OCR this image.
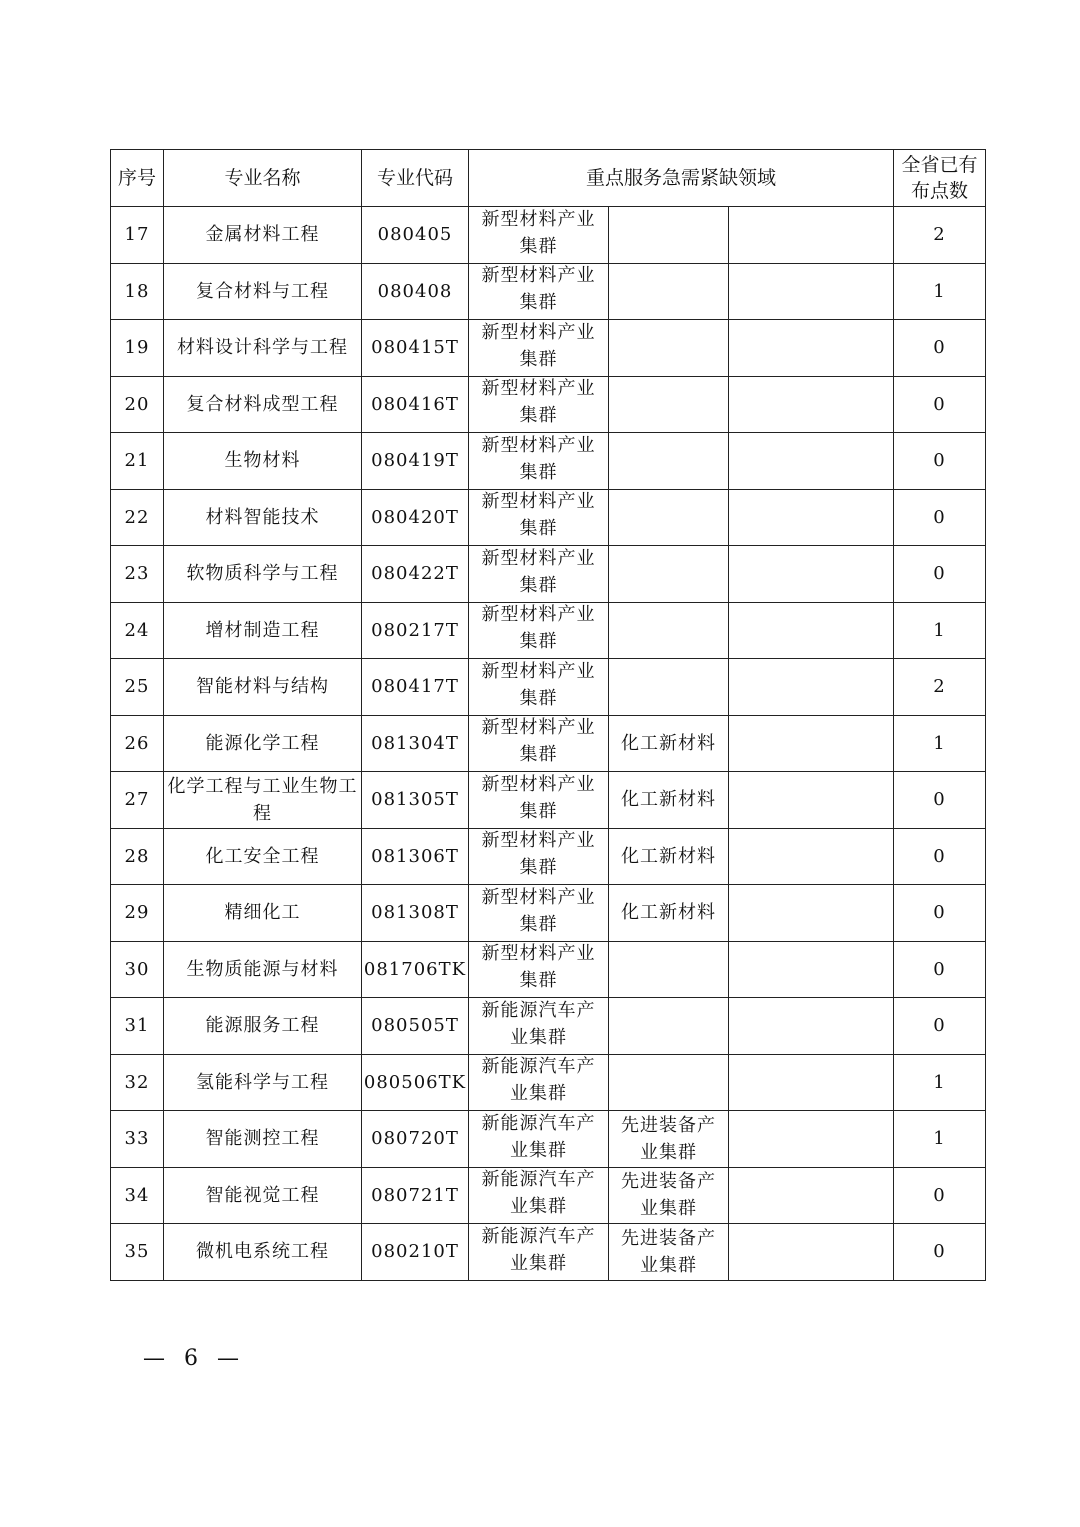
序号	专业名称	专业代码	重点服务急需紧缺领域			全省已有布点数
17	金属材料工程	080405	新型材料产业集群			2
18	复合材料与工程	080408	新型材料产业集群			1
19	材料设计科学与工程	080415T	新型材料产业集群			0
20	复合材料成型工程	080416T	新型材料产业集群			0
21	生物材料	080419T	新型材料产业集群			0
22	材料智能技术	080420T	新型材料产业集群			0
23	软物质科学与工程	080422T	新型材料产业集群			0
24	增材制造工程	080217T	新型材料产业集群			1
25	智能材料与结构	080417T	新型材料产业集群			2
26	能源化学工程	081304T	新型材料产业集群	化工新材料		1
27	化学工程与工业生物工程	081305T	新型材料产业集群	化工新材料		0
28	化工安全工程	081306T	新型材料产业集群	化工新材料		0
29	精细化工	081308T	新型材料产业集群	化工新材料		0
30	生物质能源与材料	081706TK	新型材料产业集群			0
31	能源服务工程	080505T	新能源汽车产业集群			0
32	氢能科学与工程	080506TK	新能源汽车产业集群			1
33	智能测控工程	080720T	新能源汽车产业集群	先进装备产业集群		1
34	智能视觉工程	080721T	新能源汽车产业集群	先进装备产业集群		0
35	微机电系统工程	080210T	新能源汽车产业集群	先进装备产业集群		0
— 6 —
